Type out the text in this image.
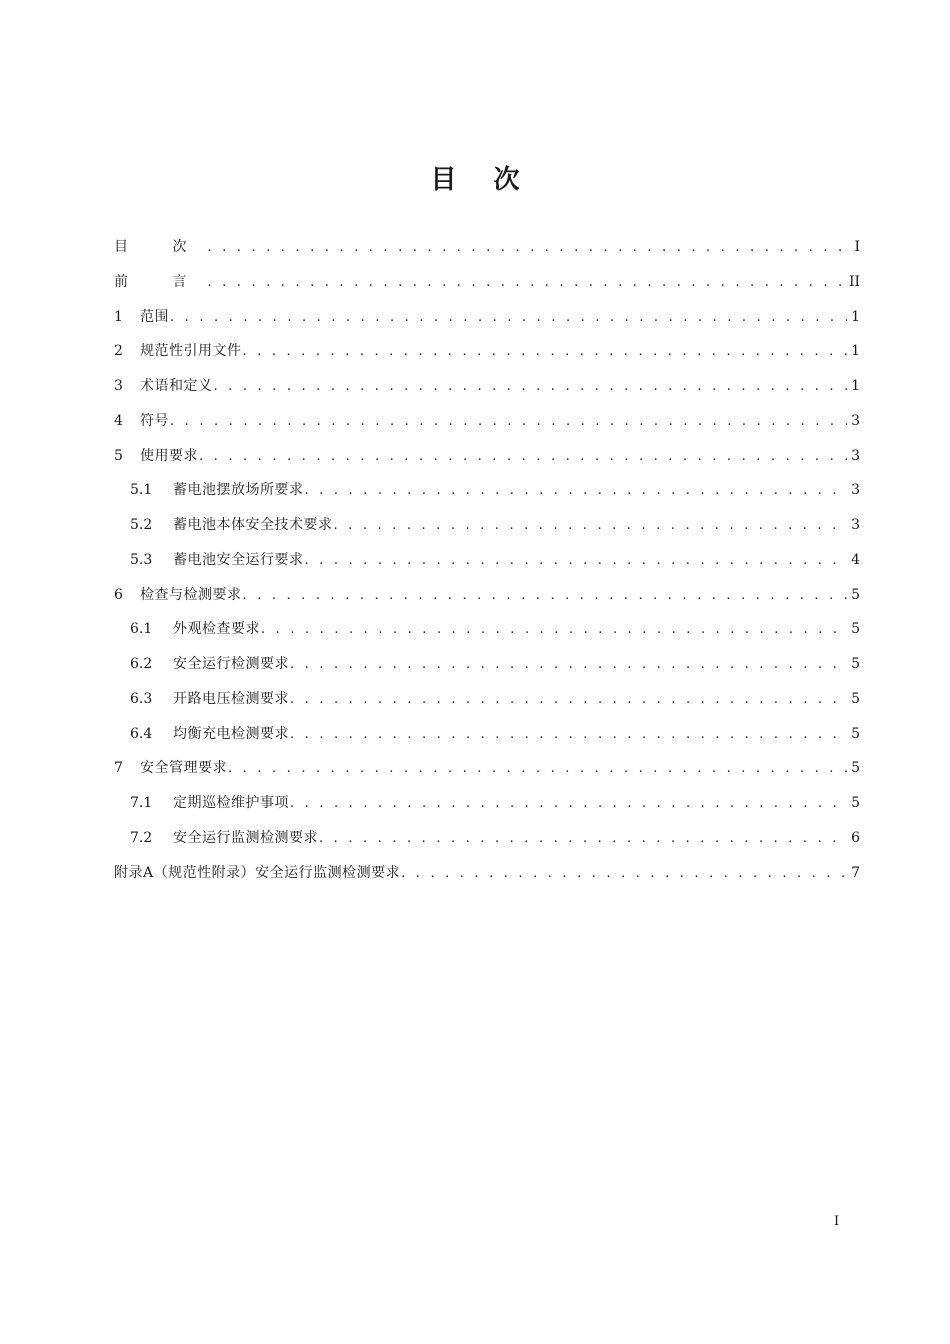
目 次
目 次 . . .	I
前 言 . . .	II
1	范围 . . .	1
2	规范性引用文件 . . .	1
3	术语和定义 . . .	1
4	符号 . . .	3
5	使用要求 . . .	3
5.1	蓄电池摆放场所要求 . . .	3
5.2	蓄电池本体安全技术要求 . . .	3
5.3	蓄电池安全运行要求 . . .	4
6	检查与检测要求 . . .	5
6.1	外观检查要求 . . .	5
6.2	安全运行检测要求 . . .	5
6.3	开路电压检测要求 . . .	5
6.4	均衡充电检测要求 . . .	5
7	安全管理要求 . . .	5
7.1	定期巡检维护事项 . . .	5
7.2	安全运行监测检测要求 . . .	6
附录A（规范性附录）安全运行监测检测要求 . . .	7
I
